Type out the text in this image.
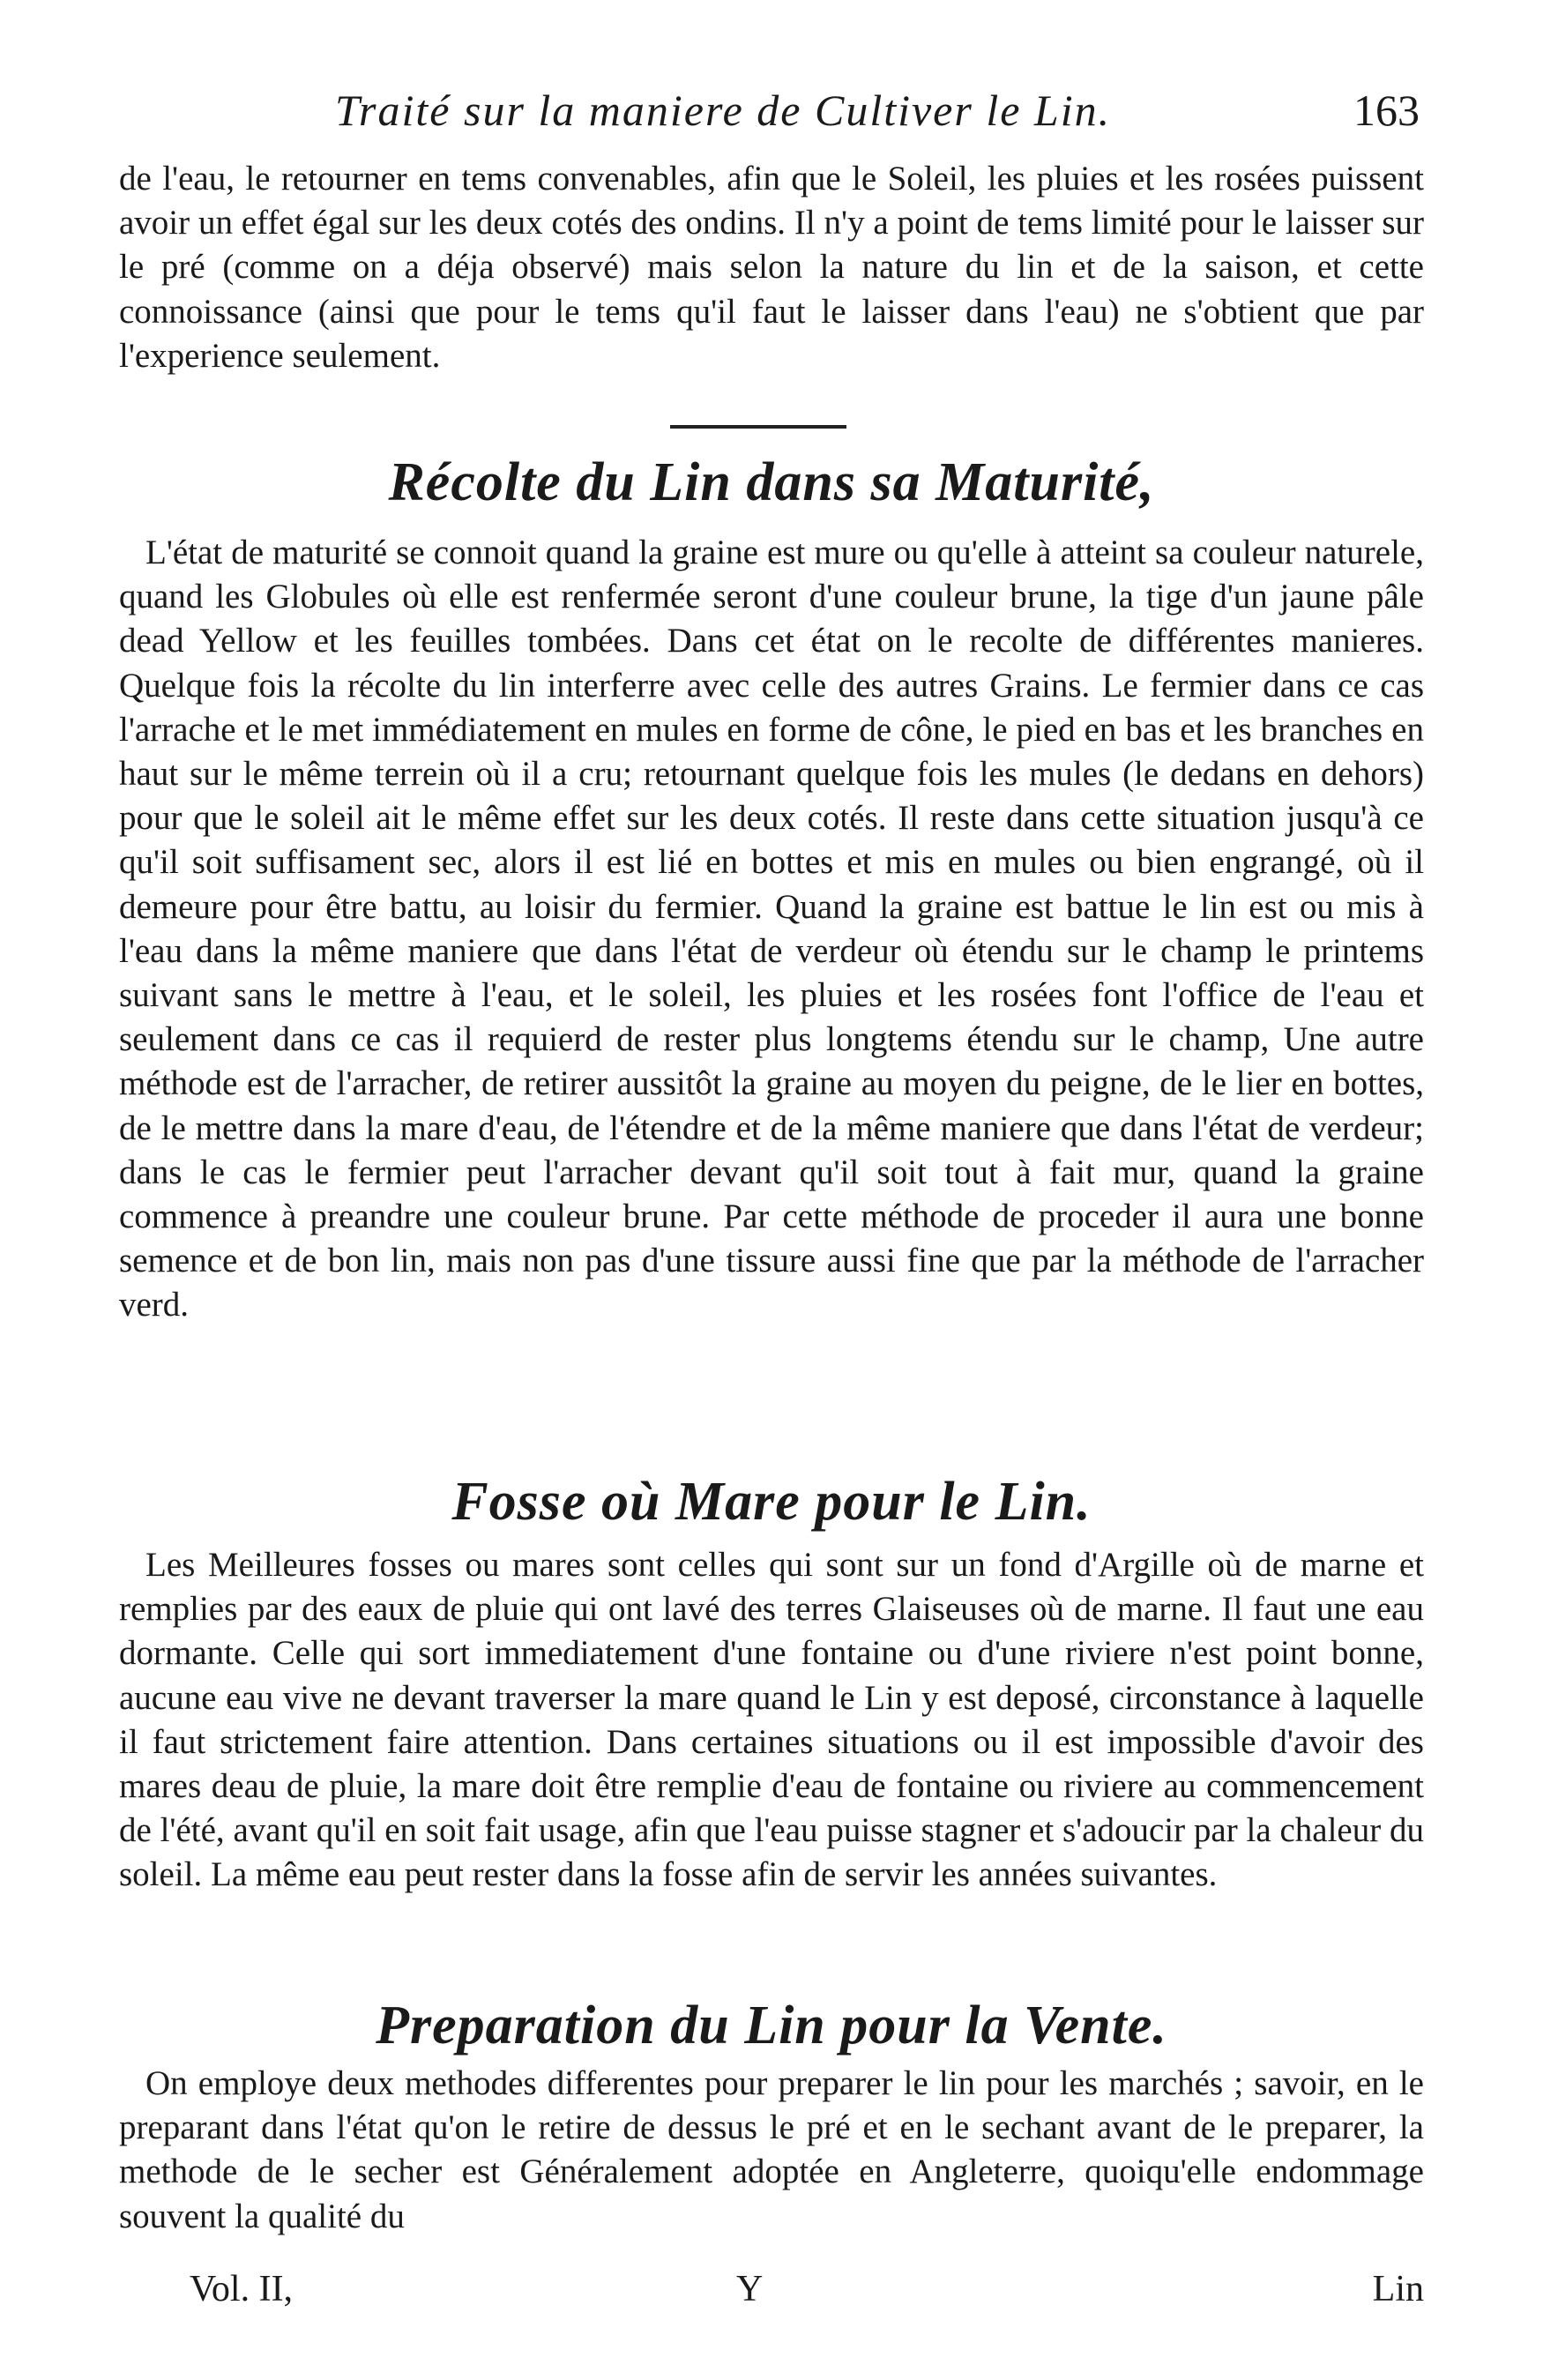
Traité sur la maniere de Cultiver le Lin.	163

de l'eau, le retourner en tems convenables, afin que le Soleil, les pluies et les rosées puissent avoir un effet égal sur les deux cotés des ondins. Il n'y a point de tems limité pour le laisser sur le pré (comme on a déja observé) mais selon la nature du lin et de la saison, et cette connoissance (ainsi que pour le tems qu'il faut le laisser dans l'eau) ne s'obtient que par l'experience seulement.

Récolte du Lin dans sa Maturité,

L'état de maturité se connoit quand la graine est mure ou qu'elle à atteint sa couleur naturele, quand les Globules où elle est renfermée seront d'une couleur brune, la tige d'un jaune pâle dead Yellow et les feuilles tombées. Dans cet état on le recolte de différentes manieres. Quelque fois la récolte du lin interferre avec celle des autres Grains. Le fermier dans ce cas l'arrache et le met immédiatement en mules en forme de cône, le pied en bas et les branches en haut sur le même terrein où il a cru; retournant quelque fois les mules (le dedans en dehors) pour que le soleil ait le même effet sur les deux cotés. Il reste dans cette situation jusqu'à ce qu'il soit suffisament sec, alors il est lié en bottes et mis en mules ou bien engrangé, où il demeure pour être battu, au loisir du fermier. Quand la graine est battue le lin est ou mis à l'eau dans la même maniere que dans l'état de verdeur où étendu sur le champ le printems suivant sans le mettre à l'eau, et le soleil, les pluies et les rosées font l'office de l'eau et seulement dans ce cas il requierd de rester plus longtems étendu sur le champ, Une autre méthode est de l'arracher, de retirer aussitôt la graine au moyen du peigne, de le lier en bottes, de le mettre dans la mare d'eau, de l'étendre et de la même maniere que dans l'état de verdeur; dans le cas le fermier peut l'arracher devant qu'il soit tout à fait mur, quand la graine commence à preandre une couleur brune. Par cette méthode de proceder il aura une bonne semence et de bon lin, mais non pas d'une tissure aussi fine que par la méthode de l'arracher verd.

Fosse où Mare pour le Lin.

Les Meilleures fosses ou mares sont celles qui sont sur un fond d'Argille où de marne et remplies par des eaux de pluie qui ont lavé des terres Glaiseuses où de marne. Il faut une eau dormante. Celle qui sort immediatement d'une fontaine ou d'une riviere n'est point bonne, aucune eau vive ne devant traverser la mare quand le Lin y est deposé, circonstance à laquelle il faut strictement faire attention. Dans certaines situations ou il est impossible d'avoir des mares deau de pluie, la mare doit être remplie d'eau de fontaine ou riviere au commencement de l'été, avant qu'il en soit fait usage, afin que l'eau puisse stagner et s'adoucir par la chaleur du soleil. La même eau peut rester dans la fosse afin de servir les années suivantes.

Preparation du Lin pour la Vente.

On employe deux methodes differentes pour preparer le lin pour les marchés ; savoir, en le preparant dans l'état qu'on le retire de dessus le pré et en le sechant avant de le preparer, la methode de le secher est Généralement adoptée en Angleterre, quoiqu'elle endommage souvent la qualité du

Vol. II,	Y	Lin
